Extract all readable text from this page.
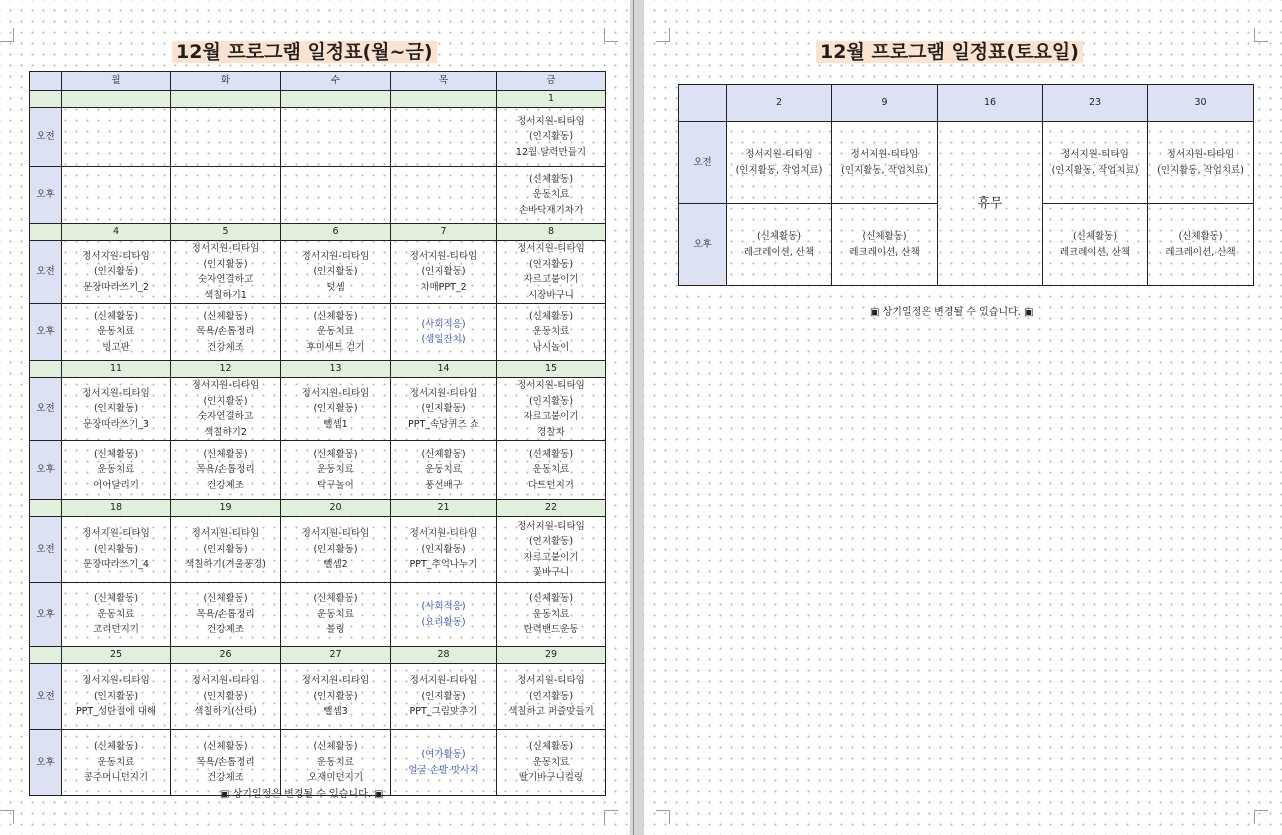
12월 프로그램 일정표(월~금)
	월	화	수	목	금
					1
오전					정서지원-티타임
(인지활동)
12월 달력만들기

오후					(신체활동)
운동치료
손바닥재기차기

	4	5	6	7	8
오전	정서지원-티타임
(인지활동)
문장따라쓰기_2	정서지원-티타임
(인지활동)
숫자연결하고
색칠하기1	정서지원-티타임
(인지활동)
덧셈	정서지원-티타임
(인지활동)
치매PPT_2	정서지원-티타임
(인지활동)
자르고붙이기
시장바구니

오후	(신체활동)
운동치료
빙고판	(신체활동)
목욕/손톱정리
건강체조	(신체활동)
운동치료
후미세트 걷기	(사회적응)
(생일잔치)	(신체활동)
운동치료
낚시놀이

	11	12	13	14	15
오전	정서지원-티타임
(인지활동)
문장따라쓰기_3	정서지원-티타임
(인지활동)
숫자연결하고
색칠하기2	정서지원-티타임
(인지활동)
뺄셈1	정서지원-티타임
(인지활동)
PPT_속담퀴즈 쇼	정서지원-티타임
(인지활동)
자르고붙이기
경찰차

오후	(신체활동)
운동치료
이어달리기	(신체활동)
목욕/손톱정리
건강체조	(신체활동)
운동치료
탁구놀이	(신체활동)
운동치료
풍선배구	(신체활동)
운동치료
다트던지기

	18	19	20	21	22
오전	정서지원-티타임
(인지활동)
문장따라쓰기_4	정서지원-티타임
(인지활동)
색칠하기(겨울풍경)	정서지원-티타임
(인지활동)
뺄셈2	정서지원-티타임
(인지활동)
PPT_추억나누기	정서지원-티타임
(인지활동)
자르고붙이기
꽃바구니

오후	(신체활동)
운동치료
고리던지기	(신체활동)
목욕/손톱정리
건강체조	(신체활동)
운동치료
볼링	(사회적응)
(요리활동)	(신체활동)
운동치료
탄력밴드운동

	25	26	27	28	29
오전	정서지원-티타임
(인지활동)
PPT_성탄절에 대해	정서지원-티타임
(인지활동)
색칠하기(산타)	정서지원-티타임
(인지활동)
뺄셈3	정서지원-티타임
(인지활동)
PPT_그림맞추기	정서지원-티타임
(인지활동)
색칠하고 퍼즐맞들기

오후	(신체활동)
운동치료
콩주머니던지기	(신체활동)
목욕/손톱정리
건강체조	(신체활동)
운동치료
오재미던지기	(여가활동)
얼굴 손발 맛사지	(신체활동)
운동치료
딸기바구니컬링
▣ 상기일정은 변경될 수 있습니다. ▣
12월 프로그램 일정표(토요일)
	2	9	16	23	30
오전	정서지원-티타임
(인지활동, 작업치료)	정서지원-티타임
(인지활동, 작업치료)	휴무	정서지원-티타임
(인지활동, 작업치료)	정서지원-티타임
(인지활동, 작업치료)

오후	(신체활동)
레크레이션, 산책	(신체활동)
레크레이션, 산책		(신체활동)
레크레이션, 산책	(신체활동)
레크레이션, 산책
▣ 상기일정은 변경될 수 있습니다. ▣
